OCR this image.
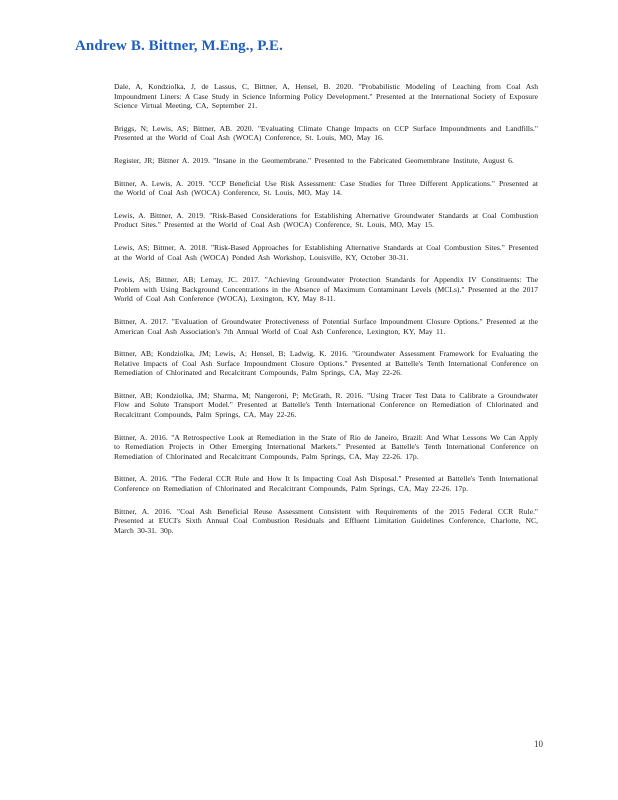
Andrew B. Bittner, M.Eng., P.E.

Dale, A, Kondziolka, J, de Lassus, C, Bittner, A, Hensel, B. 2020. "Probabilistic Modeling of Leaching from Coal Ash Impoundment Liners: A Case Study in Science Informing Policy Development." Presented at the International Society of Exposure Science Virtual Meeting, CA, September 21.

Briggs, N; Lewis, AS; Bittner, AB. 2020. "Evaluating Climate Change Impacts on CCP Surface Impoundments and Landfills." Presented at the World of Coal Ash (WOCA) Conference, St. Louis, MO, May 16.

Register, JR; Bittner A. 2019. "Insane in the Geomembrane." Presented to the Fabricated Geomembrane Institute, August 6.

Bittner, A. Lewis, A. 2019. "CCP Beneficial Use Risk Assessment: Case Studies for Three Different Applications." Presented at the World of Coal Ash (WOCA) Conference, St. Louis, MO, May 14.

Lewis, A. Bittner, A. 2019. "Risk-Based Considerations for Establishing Alternative Groundwater Standards at Coal Combustion Product Sites." Presented at the World of Coal Ash (WOCA) Conference, St. Louis, MO, May 15.

Lewis, AS; Bittner, A. 2018. "Risk-Based Approaches for Establishing Alternative Standards at Coal Combustion Sites." Presented at the World of Coal Ash (WOCA) Ponded Ash Workshop, Louisville, KY, October 30-31.

Lewis, AS; Bittner, AB; Lemay, JC. 2017. "Achieving Groundwater Protection Standards for Appendix IV Constituents: The Problem with Using Background Concentrations in the Absence of Maximum Contaminant Levels (MCLs)." Presented at the 2017 World of Coal Ash Conference (WOCA), Lexington, KY, May 8-11.

Bittner, A. 2017. "Evaluation of Groundwater Protectiveness of Potential Surface Impoundment Closure Options." Presented at the American Coal Ash Association's 7th Annual World of Coal Ash Conference, Lexington, KY, May 11.

Bittner, AB; Kondziolka, JM; Lewis, A; Hensel, B; Ladwig, K. 2016. "Groundwater Assessment Framework for Evaluating the Relative Impacts of Coal Ash Surface Impoundment Closure Options." Presented at Battelle's Tenth International Conference on Remediation of Chlorinated and Recalcitrant Compounds, Palm Springs, CA, May 22-26.

Bittner, AB; Kondziolka, JM; Sharma, M; Nangeroni, P; McGrath, R. 2016. "Using Tracer Test Data to Calibrate a Groundwater Flow and Solute Transport Model." Presented at Battelle's Tenth International Conference on Remediation of Chlorinated and Recalcitrant Compounds, Palm Springs, CA, May 22-26.

Bittner, A. 2016. "A Retrospective Look at Remediation in the State of Rio de Janeiro, Brazil: And What Lessons We Can Apply to Remediation Projects in Other Emerging International Markets." Presented at Battelle's Tenth International Conference on Remediation of Chlorinated and Recalcitrant Compounds, Palm Springs, CA, May 22-26. 17p.

Bittner, A. 2016. "The Federal CCR Rule and How It Is Impacting Coal Ash Disposal." Presented at Battelle's Tenth International Conference on Remediation of Chlorinated and Recalcitrant Compounds, Palm Springs, CA, May 22-26. 17p.

Bittner, A. 2016. "Coal Ash Beneficial Reuse Assessment Consistent with Requirements of the 2015 Federal CCR Rule." Presented at EUCI's Sixth Annual Coal Combustion Residuals and Effluent Limitation Guidelines Conference, Charlotte, NC, March 30-31. 30p.

10
